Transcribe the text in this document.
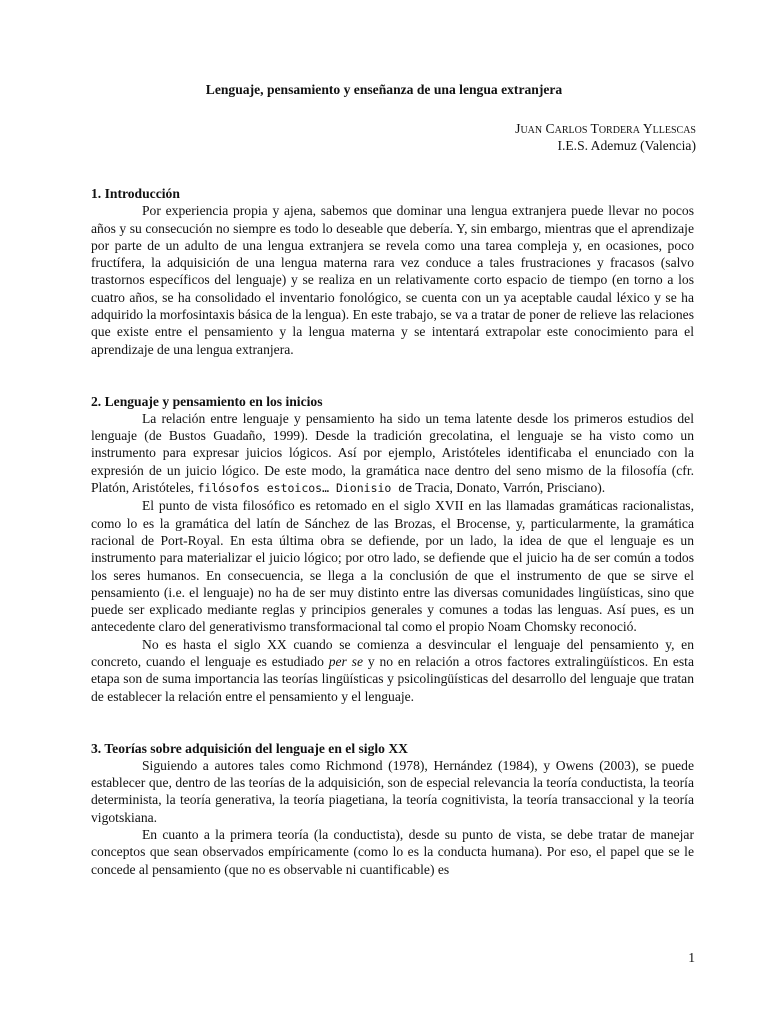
Lenguaje, pensamiento y enseñanza de una lengua extranjera
Juan Carlos Tordera Yllescas
I.E.S. Ademuz (Valencia)
1. Introducción

Por experiencia propia y ajena, sabemos que dominar una lengua extranjera puede llevar no pocos años y su consecución no siempre es todo lo deseable que debería. Y, sin embargo, mientras que el aprendizaje por parte de un adulto de una lengua extranjera se revela como una tarea compleja y, en ocasiones, poco fructífera, la adquisición de una lengua materna rara vez conduce a tales frustraciones y fracasos (salvo trastornos específicos del lenguaje) y se realiza en un relativamente corto espacio de tiempo (en torno a los cuatro años, se ha consolidado el inventario fonológico, se cuenta con un ya aceptable caudal léxico y se ha adquirido la morfosintaxis básica de la lengua). En este trabajo, se va a tratar de poner de relieve las relaciones que existe entre el pensamiento y la lengua materna y se intentará extrapolar este conocimiento para el aprendizaje de una lengua extranjera.

2. Lenguaje y pensamiento en los inicios

La relación entre lenguaje y pensamiento ha sido un tema latente desde los primeros estudios del lenguaje (de Bustos Guadaño, 1999). Desde la tradición grecolatina, el lenguaje se ha visto como un instrumento para expresar juicios lógicos. Así por ejemplo, Aristóteles identificaba el enunciado con la expresión de un juicio lógico. De este modo, la gramática nace dentro del seno mismo de la filosofía (cfr. Platón, Aristóteles, filósofos estoicos… Dionisio de Tracia, Donato, Varrón, Prisciano).

El punto de vista filosófico es retomado en el siglo XVII en las llamadas gramáticas racionalistas, como lo es la gramática del latín de Sánchez de las Brozas, el Brocense, y, particularmente, la gramática racional de Port-Royal. En esta última obra se defiende, por un lado, la idea de que el lenguaje es un instrumento para materializar el juicio lógico; por otro lado, se defiende que el juicio ha de ser común a todos los seres humanos. En consecuencia, se llega a la conclusión de que el instrumento de que se sirve el pensamiento (i.e. el lenguaje) no ha de ser muy distinto entre las diversas comunidades lingüísticas, sino que puede ser explicado mediante reglas y principios generales y comunes a todas las lenguas. Así pues, es un antecedente claro del generativismo transformacional tal como el propio Noam Chomsky reconoció.

No es hasta el siglo XX cuando se comienza a desvincular el lenguaje del pensamiento y, en concreto, cuando el lenguaje es estudiado per se y no en relación a otros factores extralingüísticos. En esta etapa son de suma importancia las teorías lingüísticas y psicolingüísticas del desarrollo del lenguaje que tratan de establecer la relación entre el pensamiento y el lenguaje.

3. Teorías sobre adquisición del lenguaje en el siglo XX

Siguiendo a autores tales como Richmond (1978), Hernández (1984), y Owens (2003), se puede establecer que, dentro de las teorías de la adquisición, son de especial relevancia la teoría conductista, la teoría determinista, la teoría generativa, la teoría piagetiana, la teoría cognitivista, la teoría transaccional y la teoría vigotskiana.

En cuanto a la primera teoría (la conductista), desde su punto de vista, se debe tratar de manejar conceptos que sean observados empíricamente (como lo es la conducta humana). Por eso, el papel que se le concede al pensamiento (que no es observable ni cuantificable) es

1
